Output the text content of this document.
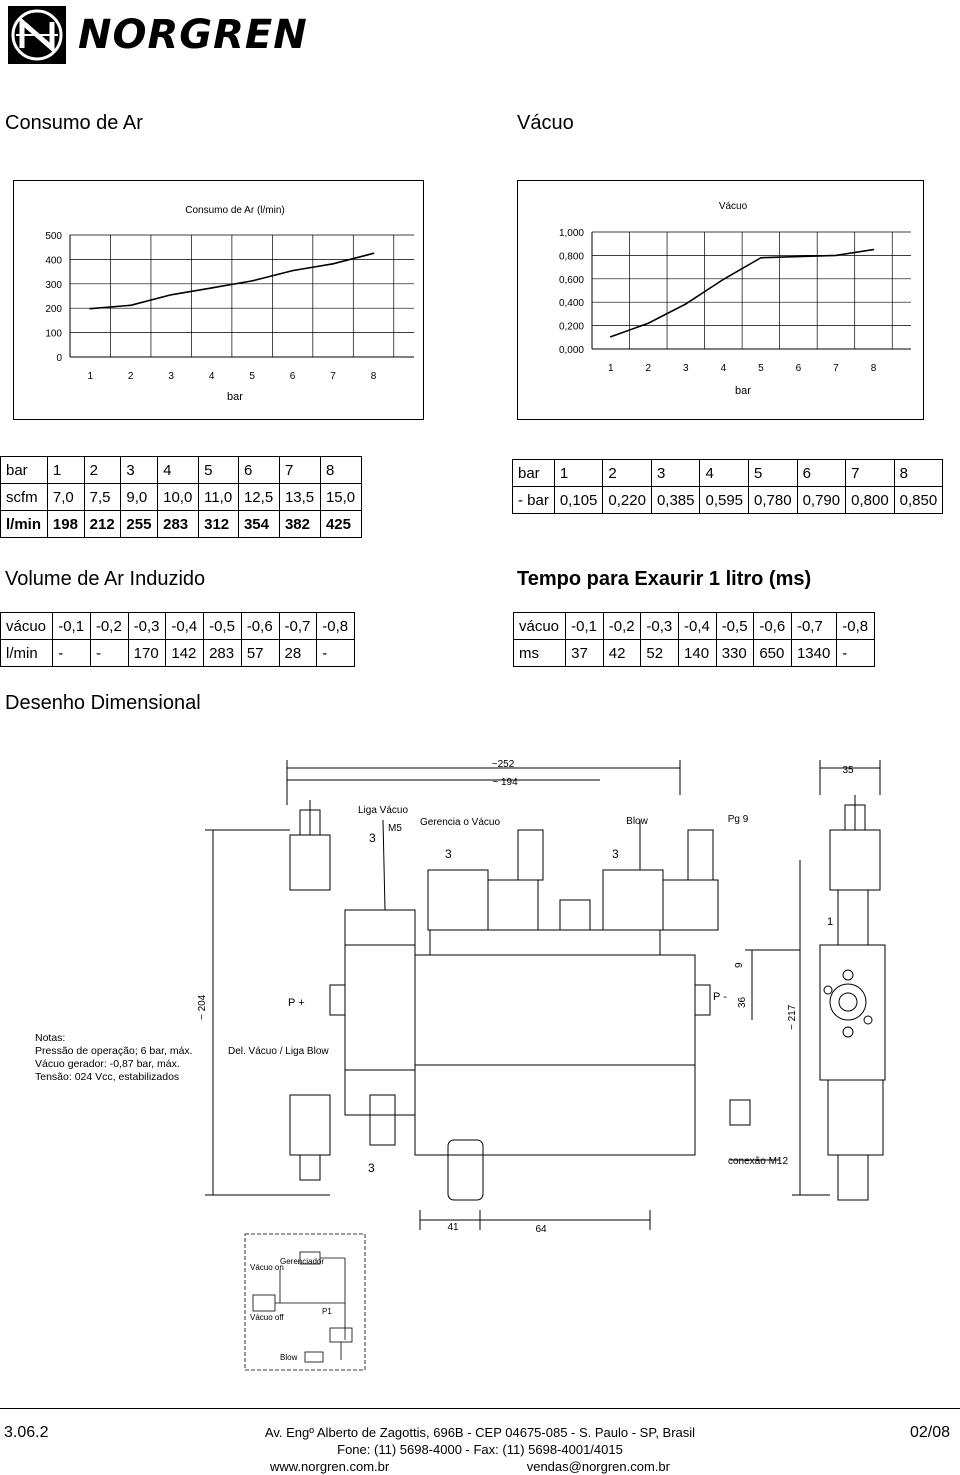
NORGREN
Consumo de Ar	Vácuo
Consumo de Ar (l/min)
bar
0
100
200
300
400
500
1	2	3	4	5	6	7	8
Vácuo
bar
0,000
0,200
0,400
0,600
0,800
1,000
1	2	3	4	5	6	7	8
bar	1	2	3	4	5	6	7	8
scfm	7,0	7,5	9,0	10,0	11,0	12,5	13,5	15,0
l/min	198	212	255	283	312	354	382	425
bar	1	2	3	4	5	6	7	8
- bar	0,105	0,220	0,385	0,595	0,780	0,790	0,800	0,850
Volume de Ar Induzido	Tempo para Exaurir 1 litro (ms)
vácuo	-0,1	-0,2	-0,3	-0,4	-0,5	-0,6	-0,7	-0,8
l/min	-	-	170	142	283	57	28	-
vácuo	-0,1	-0,2	-0,3	-0,4	-0,5	-0,6	-0,7	-0,8
ms	37	42	52	140	330	650	1340	-
Desenho Dimensional
~252
~ 194
35
Liga Vácuo
M5
Gerencia o Vácuo	Blow	Pg 9
3
3	3
1
9
~ 204	P +	P - 36
~ 217
Del. Vácuo / Liga Blow
3	conexão M12
41	64
Vácuo on
Gerenciador
Vácuo off
P1
Blow
Notas:
Pressão de operação; 6 bar, máx.
Vácuo gerador: -0,87 bar, máx.
Tensão: 024 Vcc, estabilizados
3.06.2	Av. Engº Alberto de Zagottis, 696B - CEP 04675-085 - S. Paulo - SP, Brasil
Fone: (11) 5698-4000 - Fax: (11) 5698-4001/4015
www.norgren.com.br	vendas@norgren.com.br
02/08
